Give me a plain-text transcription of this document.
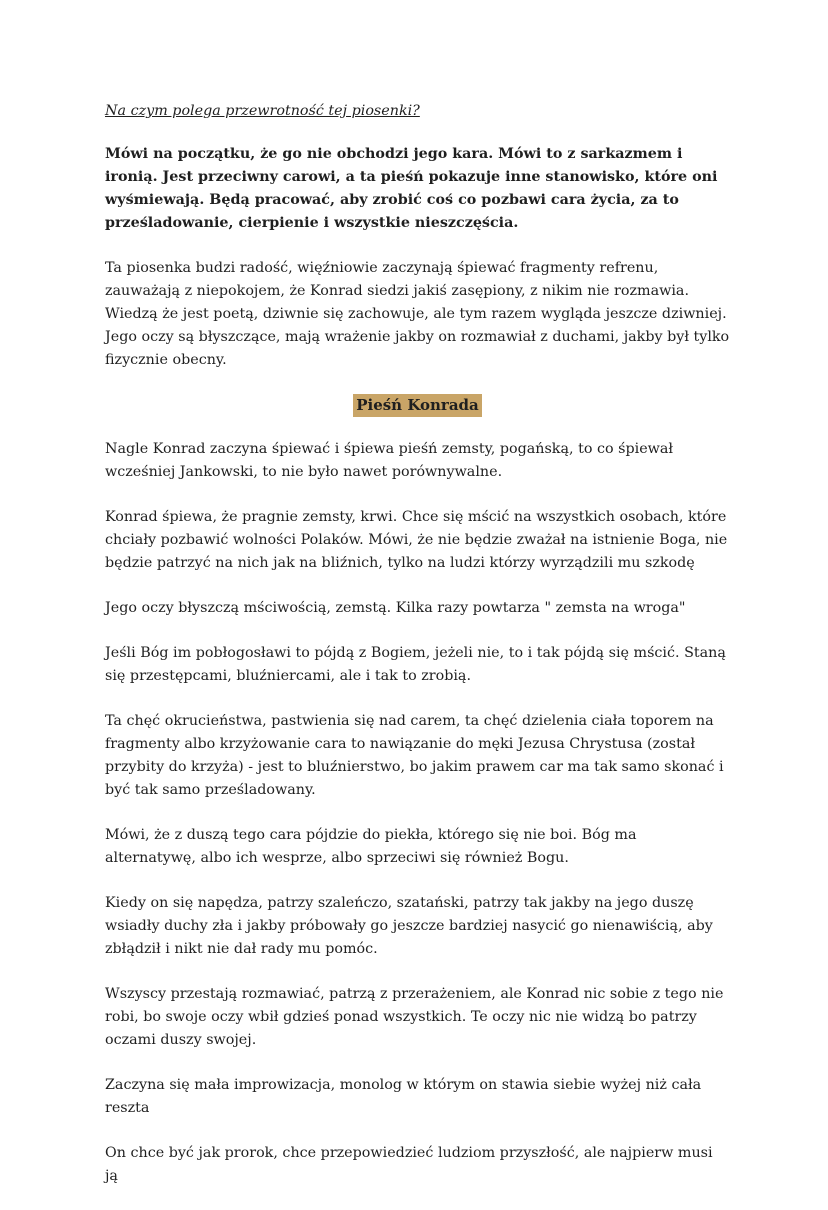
Na czym polega przewrotność tej piosenki?

Mówi na początku, że go nie obchodzi jego kara. Mówi to z sarkazmem i ironią. Jest przeciwny carowi, a ta pieśń pokazuje inne stanowisko, które oni wyśmiewają. Będą pracować, aby zrobić coś co pozbawi cara życia, za to prześladowanie, cierpienie i wszystkie nieszczęścia.

Ta piosenka budzi radość, więźniowie zaczynają śpiewać fragmenty refrenu, zauważają z niepokojem, że Konrad siedzi jakiś zasępiony, z nikim nie rozmawia. Wiedzą że jest poetą, dziwnie się zachowuje, ale tym razem wygląda jeszcze dziwniej. Jego oczy są błyszczące, mają wrażenie jakby on rozmawiał z duchami, jakby był tylko fizycznie obecny.

Pieśń Konrada

Nagle Konrad zaczyna śpiewać i śpiewa pieśń zemsty, pogańską, to co śpiewał wcześniej Jankowski, to nie było nawet porównywalne.

Konrad śpiewa, że pragnie zemsty, krwi. Chce się mścić na wszystkich osobach, które chciały pozbawić wolności Polaków. Mówi, że nie będzie zważał na istnienie Boga, nie będzie patrzyć na nich jak na bliźnich, tylko na ludzi którzy wyrządzili mu szkodę

Jego oczy błyszczą mściwością, zemstą. Kilka razy powtarza " zemsta na wroga"

Jeśli Bóg im pobłogosławi to pójdą z Bogiem, jeżeli nie, to i tak pójdą się mścić. Staną się przestępcami, bluźniercami, ale i tak to zrobią.

Ta chęć okrucieństwa, pastwienia się nad carem, ta chęć dzielenia ciała toporem na fragmenty albo krzyżowanie cara to nawiązanie do męki Jezusa Chrystusa (został przybity do krzyża) - jest to bluźnierstwo, bo jakim prawem car ma tak samo skonać i być tak samo prześladowany.

Mówi, że z duszą tego cara pójdzie do piekła, którego się nie boi. Bóg ma alternatywę, albo ich wesprze, albo sprzeciwi się również Bogu.

Kiedy on się napędza, patrzy szaleńczo, szatański, patrzy tak jakby na jego duszę wsiadły duchy zła i jakby próbowały go jeszcze bardziej nasycić go nienawiścią, aby zbłądził i nikt nie dał rady mu pomóc.

Wszyscy przestają rozmawiać, patrzą z przerażeniem, ale Konrad nic sobie z tego nie robi, bo swoje oczy wbił gdzieś ponad wszystkich. Te oczy nic nie widzą bo patrzy oczami duszy swojej.

Zaczyna się mała improwizacja, monolog w którym on stawia siebie wyżej niż cała reszta

On chce być jak prorok, chce przepowiedzieć ludziom przyszłość, ale najpierw musi ją
